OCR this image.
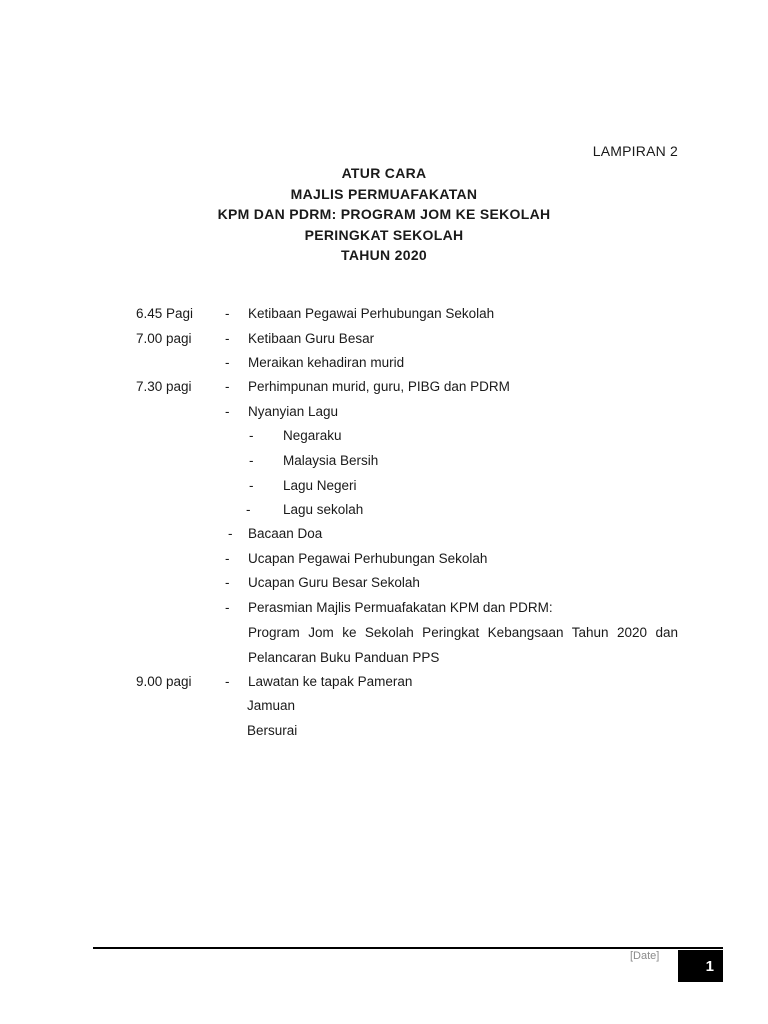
LAMPIRAN 2
ATUR CARA
MAJLIS PERMUAFAKATAN
KPM DAN PDRM: PROGRAM JOM KE SEKOLAH
PERINGKAT SEKOLAH
TAHUN 2020
6.45 Pagi - Ketibaan Pegawai Perhubungan Sekolah
7.00 pagi - Ketibaan Guru Besar
- Meraikan kehadiran murid
7.30 pagi - Perhimpunan murid, guru, PIBG dan PDRM
- Nyanyian Lagu
- Negaraku
- Malaysia Bersih
- Lagu Negeri
- Lagu sekolah
- Bacaan Doa
- Ucapan Pegawai Perhubungan Sekolah
- Ucapan Guru Besar Sekolah
- Perasmian Majlis Permuafakatan KPM dan PDRM:
Program Jom ke Sekolah Peringkat Kebangsaan Tahun 2020 dan
Pelancaran Buku Panduan PPS
9.00 pagi - Lawatan ke tapak Pameran
Jamuan
Bersurai
[Date]
1
